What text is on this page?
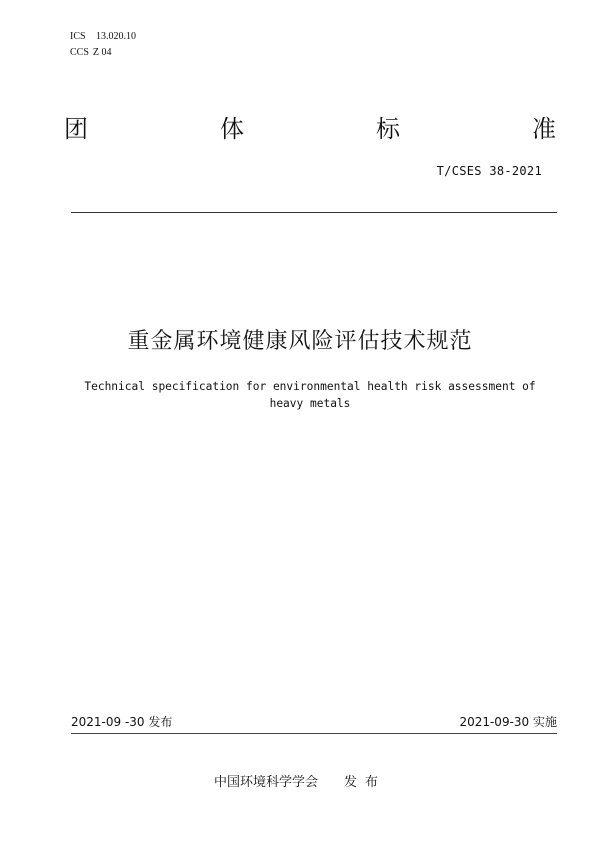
ICS 13.020.10
CCS Z 04
团	体	标	准
T/CSES 38-2021
重金属环境健康风险评估技术规范
Technical specification for environmental health risk assessment of
heavy metals
2021-09 -30 发布	2021-09-30 实施
中国环境科学学会 发布
